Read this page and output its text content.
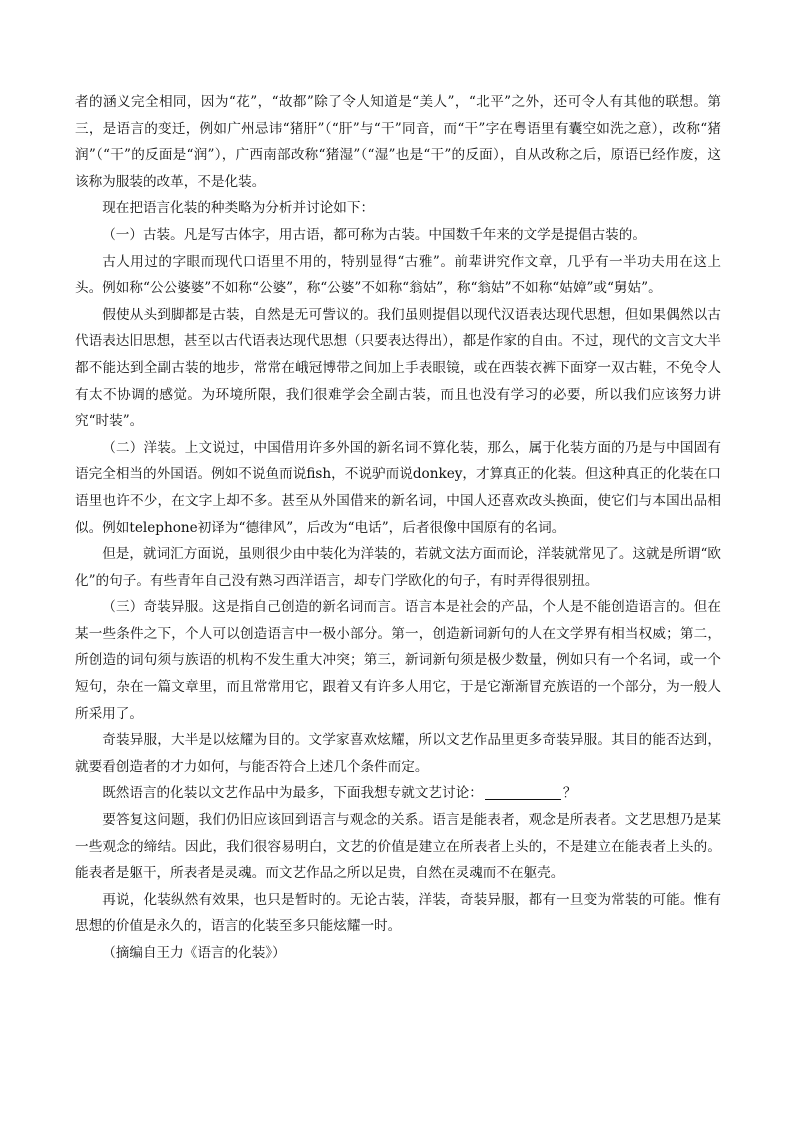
者的涵义完全相同，因为“花”，“故都”除了令人知道是“美人”，“北平”之外，还可令人有其他的联想。第三，是语言的变迁，例如广州忌讳“猪肝”（“肝”与“干”同音，而“干”字在粤语里有囊空如洗之意），改称“猪润”（“干”的反面是“润”），广西南部改称“猪湿”（“湿”也是“干”的反面），自从改称之后，原语已经作废，这该称为服装的改革，不是化装。

现在把语言化装的种类略为分析并讨论如下：

（一）古装。凡是写古体字，用古语，都可称为古装。中国数千年来的文学是提倡古装的。

古人用过的字眼而现代口语里不用的，特别显得“古雅”。前辈讲究作文章，几乎有一半功夫用在这上头。例如称“公公婆婆”不如称“公婆”，称“公婆”不如称“翁姑”，称“翁姑”不如称“姑嫜”或“舅姑”。

假使从头到脚都是古装，自然是无可訾议的。我们虽则提倡以现代汉语表达现代思想，但如果偶然以古代语表达旧思想，甚至以古代语表达现代思想（只要表达得出），都是作家的自由。不过，现代的文言文大半都不能达到全副古装的地步，常常在峨冠博带之间加上手表眼镜，或在西装衣裤下面穿一双古鞋，不免令人有太不协调的感觉。为环境所限，我们很难学会全副古装，而且也没有学习的必要，所以我们应该努力讲究“时装”。

（二）洋装。上文说过，中国借用许多外国的新名词不算化装，那么，属于化装方面的乃是与中国固有语完全相当的外国语。例如不说鱼而说fish，不说驴而说donkey，才算真正的化装。但这种真正的化装在口语里也许不少，在文字上却不多。甚至从外国借来的新名词，中国人还喜欢改头换面，使它们与本国出品相似。例如telephone初译为“德律风”，后改为“电话”，后者很像中国原有的名词。

但是，就词汇方面说，虽则很少由中装化为洋装的，若就文法方面而论，洋装就常见了。这就是所谓“欧化”的句子。有些青年自己没有熟习西洋语言，却专门学欧化的句子，有时弄得很别扭。

（三）奇装异服。这是指自己创造的新名词而言。语言本是社会的产品，个人是不能创造语言的。但在某一些条件之下，个人可以创造语言中一极小部分。第一，创造新词新句的人在文学界有相当权威；第二，所创造的词句须与族语的机构不发生重大冲突；第三，新词新句须是极少数量，例如只有一个名词，或一个短句，杂在一篇文章里，而且常常用它，跟着又有许多人用它，于是它渐渐冒充族语的一个部分，为一般人所采用了。

奇装异服，大半是以炫耀为目的。文学家喜欢炫耀，所以文艺作品里更多奇装异服。其目的能否达到，就要看创造者的才力如何，与能否符合上述几个条件而定。

既然语言的化装以文艺作品中为最多，下面我想专就文艺讨论：	？

要答复这问题，我们仍旧应该回到语言与观念的关系。语言是能表者，观念是所表者。文艺思想乃是某一些观念的缔结。因此，我们很容易明白，文艺的价值是建立在所表者上头的，不是建立在能表者上头的。能表者是躯干，所表者是灵魂。而文艺作品之所以足贵，自然在灵魂而不在躯壳。

再说，化装纵然有效果，也只是暂时的。无论古装，洋装，奇装异服，都有一旦变为常装的可能。惟有思想的价值是永久的，语言的化装至多只能炫耀一时。

（摘编自王力《语言的化装》）
